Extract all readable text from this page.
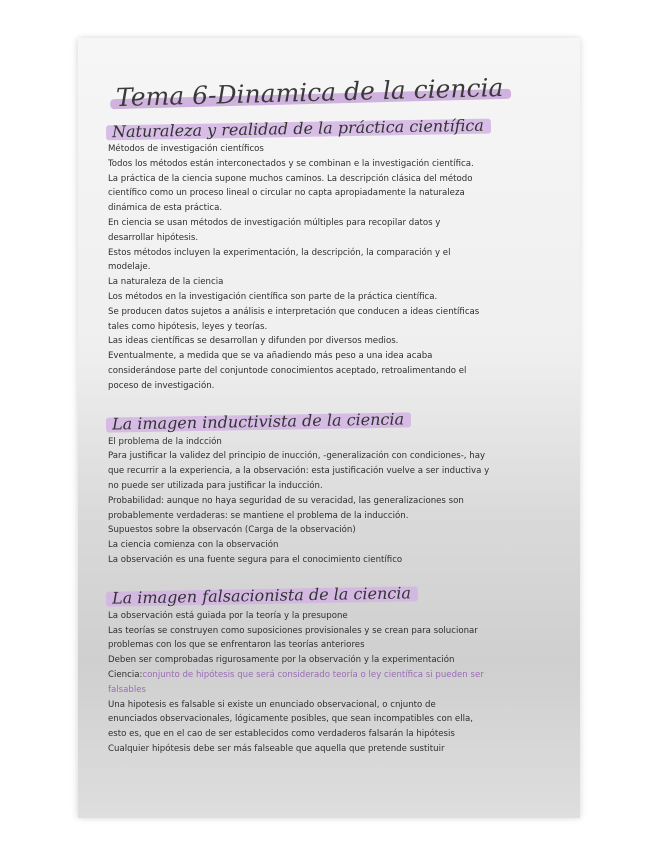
Tema 6-Dinamica de la ciencia
Naturaleza y realidad de la práctica científica
Métodos de investigación científicos
Todos los métodos están interconectados y se combinan e la investigación científica.
La práctica de la ciencia supone muchos caminos. La descripción clásica del método
científico como un proceso lineal o circular no capta apropiadamente la naturaleza
dinámica de esta práctica.
En ciencia se usan métodos de investigación múltiples para recopilar datos y
desarrollar hipótesis.
Estos métodos incluyen la experimentación, la descripción, la comparación y el
modelaje.
La naturaleza de la ciencia
Los métodos en la investigación científica son parte de la práctica científica.
Se producen datos sujetos a análisis e interpretación que conducen a ideas científicas
tales como hipótesis, leyes y teorías.
Las ideas científicas se desarrollan y difunden por diversos medios.
Eventualmente, a medida que se va añadiendo más peso a una idea acaba
considerándose parte del conjuntode conocimientos aceptado, retroalimentando el
poceso de investigación.
La imagen inductivista de la ciencia
El problema de la indcción
Para justificar la validez del principio de inucción, -generalización con condiciones-, hay
que recurrir a la experiencia, a la observación: esta justificación vuelve a ser inductiva y
no puede ser utilizada para justificar la inducción.
Probabilidad: aunque no haya seguridad de su veracidad, las generalizaciones son
probablemente verdaderas: se mantiene el problema de la inducción.
Supuestos sobre la observacón (Carga de la observación)
La ciencia comienza con la observación
La observación es una fuente segura para el conocimiento científico
La imagen falsacionista de la ciencia
La observación está guiada por la teoría y la presupone
Las teorías se construyen como suposiciones provisionales y se crean para solucionar
problemas con los que se enfrentaron las teorías anteriores
Deben ser comprobadas rigurosamente por la observación y la experimentación
Ciencia:conjunto de hipótesis que será considerado teoría o ley científica si pueden ser
falsables
Una hipotesis es falsable si existe un enunciado observacional, o cnjunto de
enunciados observacionales, lógicamente posibles, que sean incompatibles con ella,
esto es, que en el cao de ser establecidos como verdaderos falsarán la hipótesis
Cualquier hipótesis debe ser más falseable que aquella que pretende sustituir
